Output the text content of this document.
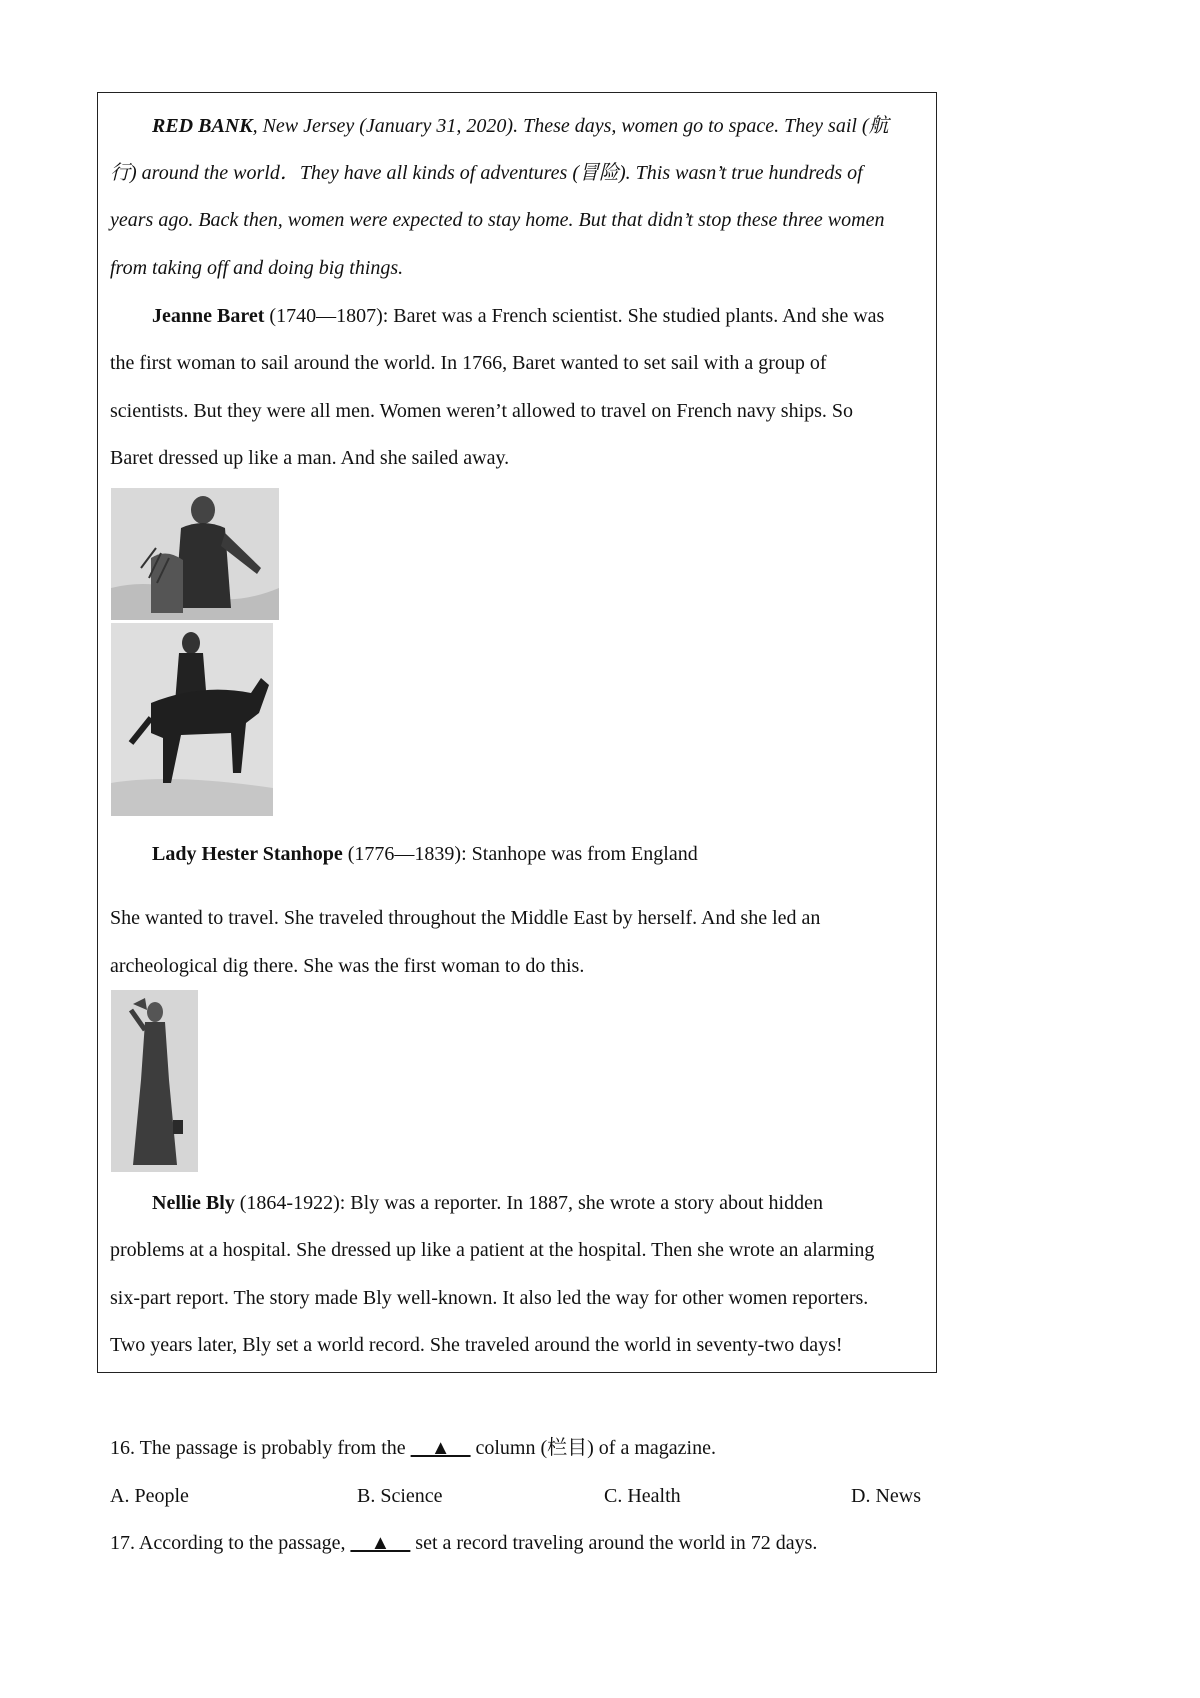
RED BANK, New Jersey (January 31, 2020). These days, women go to space. They sail (航
行) around the world．They have all kinds of adventures (冒险). This wasn’t true hundreds of
years ago. Back then, women were expected to stay home. But that didn’t stop these three women
from taking off and doing big things.
Jeanne Baret (1740—1807): Baret was a French scientist. She studied plants. And she was
the first woman to sail around the world. In 1766, Baret wanted to set sail with a group of
scientists. But they were all men. Women weren’t allowed to travel on French navy ships. So
Baret dressed up like a man. And she sailed away.
Lady Hester Stanhope (1776—1839): Stanhope was from England
She wanted to travel. She traveled throughout the Middle East by herself. And she led an
archeological dig there. She was the first woman to do this.
Nellie Bly (1864-1922): Bly was a reporter. In 1887, she wrote a story about hidden
problems at a hospital. She dressed up like a patient at the hospital. Then she wrote an alarming
six-part report. The story made Bly well-known. It also led the way for other women reporters.
Two years later, Bly set a world record. She traveled around the world in seventy-two days!
16. The passage is probably from the __▲__ column (栏目) of a magazine.
A. People	B. Science	C. Health	D. News
17. According to the passage, __▲__ set a record traveling around the world in 72 days.
